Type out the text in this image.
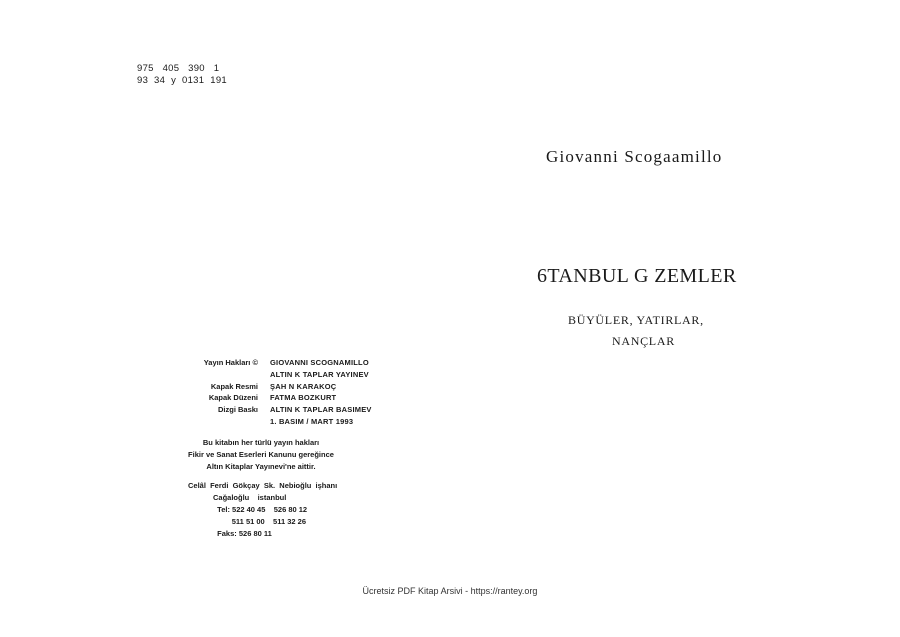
975   405   390   1
93  34  y  0131  191
Giovanni Scogaamillo
6TANBUL G ZEMLER
BÜYÜLER, YATIRLAR,
NANÇLAR
Yayın Hakları ©	GIOVANNI SCOGNAMILLO
ALTIN K TAPLAR YAYINEV
Kapak Resmi	ŞAH N KARAKOÇ
Kapak Düzeni	FATMA BOZKURT
Dizgi Baskı	ALTIN K TAPLAR BASIMEV
1. BASIM / MART 1993
Bu kitabın her türlü yayın hakları
Fikir ve Sanat Eserleri Kanunu gereğince
Altın Kitaplar Yayınevi'ne aittir.
Celâl  Ferdi  Gökçay  Sk.  Nebioğlu  işhanı
Cağaloğlu    istanbul
Tel: 522 40 45    526 80 12
511 51 00    511 32 26
Faks: 526 80 11
Ücretsiz PDF Kitap Arsivi - https://rantey.org
